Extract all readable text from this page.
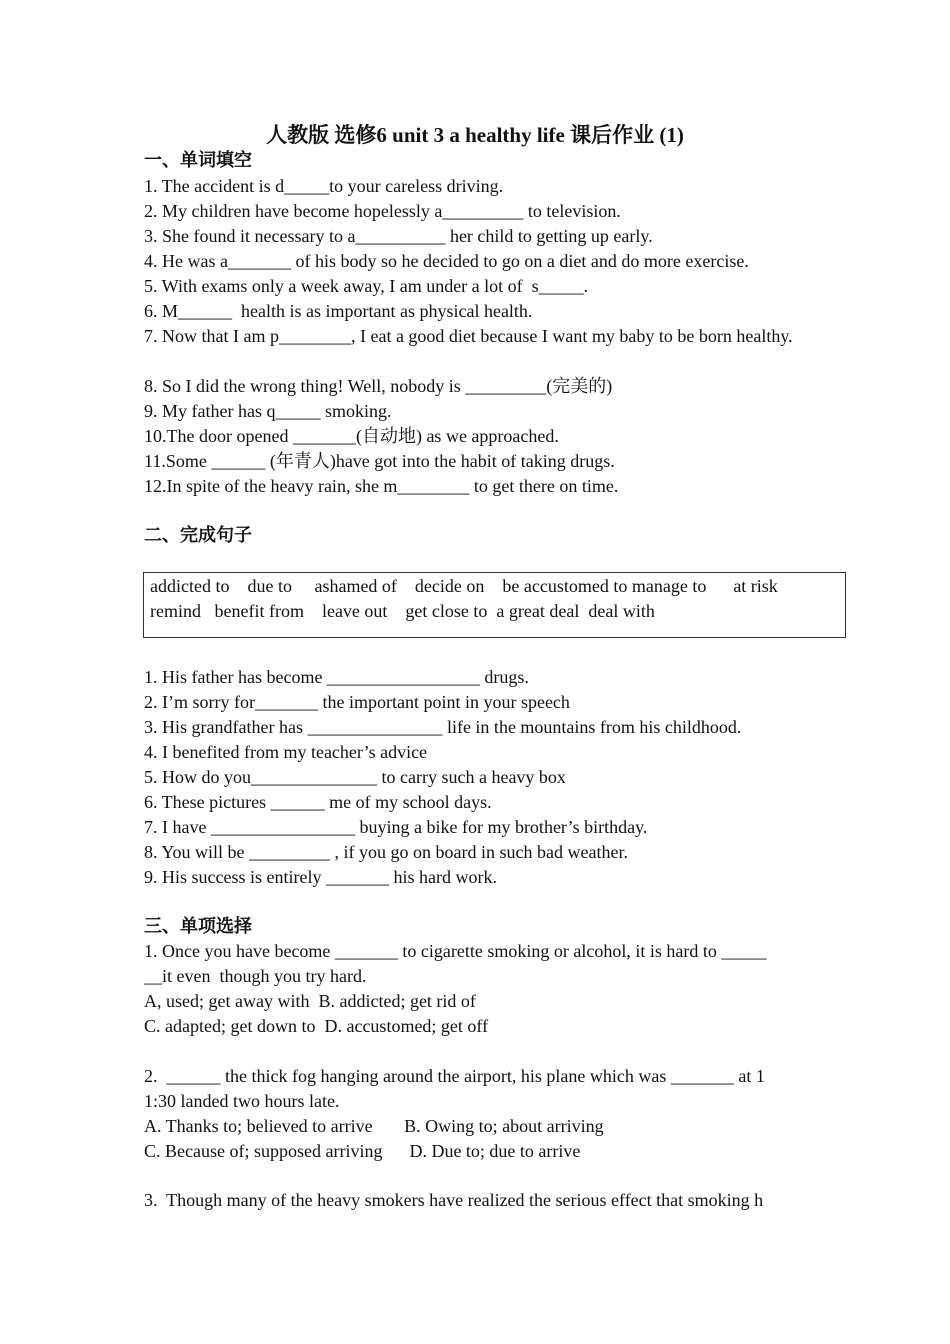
人教版 选修6 unit 3 a healthy life 课后作业 (1)
一、单词填空
1. The accident is d_____to your careless driving.
2. My children have become hopelessly a_________ to television.
3. She found it necessary to a__________ her child to getting up early.
4. He was a_______ of his body so he decided to go on a diet and do more exercise.
5. With exams only a week away, I am under a lot of  s_____.
6. M______  health is as important as physical health.
7. Now that I am p________, I eat a good diet because I want my baby to be born healthy.
8. So I did the wrong thing! Well, nobody is _________(完美的)
9. My father has q_____ smoking.
10.The door opened _______(自动地) as we approached.
11.Some ______ (年青人)have got into the habit of taking drugs.
12.In spite of the heavy rain, she m________ to get there on time.
二、完成句子
addicted to    due to     ashamed of    decide on    be accustomed to manage to      at risk
remind   benefit from    leave out    get close to  a great deal  deal with
1. His father has become _________________ drugs.
2. I’m sorry for_______ the important point in your speech
3. His grandfather has _______________ life in the mountains from his childhood.
4. I benefited from my teacher’s advice
5. How do you______________ to carry such a heavy box
6. These pictures ______ me of my school days.
7. I have ________________ buying a bike for my brother’s birthday.
8. You will be _________ , if you go on board in such bad weather.
9. His success is entirely _______ his hard work.
三、单项选择
1. Once you have become _______ to cigarette smoking or alcohol, it is hard to _____
__it even  though you try hard.
A, used; get away with  B. addicted; get rid of
C. adapted; get down to  D. accustomed; get off
2.  ______ the thick fog hanging around the airport, his plane which was _______ at 1
1:30 landed two hours late.
A. Thanks to; believed to arrive       B. Owing to; about arriving
C. Because of; supposed arriving      D. Due to; due to arrive
3.  Though many of the heavy smokers have realized the serious effect that smoking h
